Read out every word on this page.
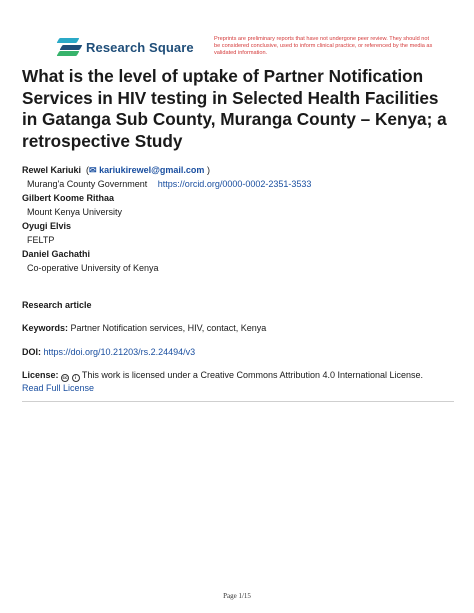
Research Square
Preprints are preliminary reports that have not undergone peer review. They should not be considered conclusive, used to inform clinical practice, or referenced by the media as validated information.
What is the level of uptake of Partner Notification Services in HIV testing in Selected Health Facilities in Gatanga Sub County, Muranga County – Kenya; a retrospective Study
Rewel Kariuki  (✉ kariukirewel@gmail.com )
Murang'a County Government https://orcid.org/0000-0002-2351-3533
Gilbert Koome Rithaa
Mount Kenya University
Oyugi Elvis
FELTP
Daniel Gachathi
Co-operative University of Kenya
Research article
Keywords: Partner Notification services, HIV, contact, Kenya
DOI: https://doi.org/10.21203/rs.2.24494/v3
License: cc i This work is licensed under a Creative Commons Attribution 4.0 International License.
Read Full License
Page 1/15
